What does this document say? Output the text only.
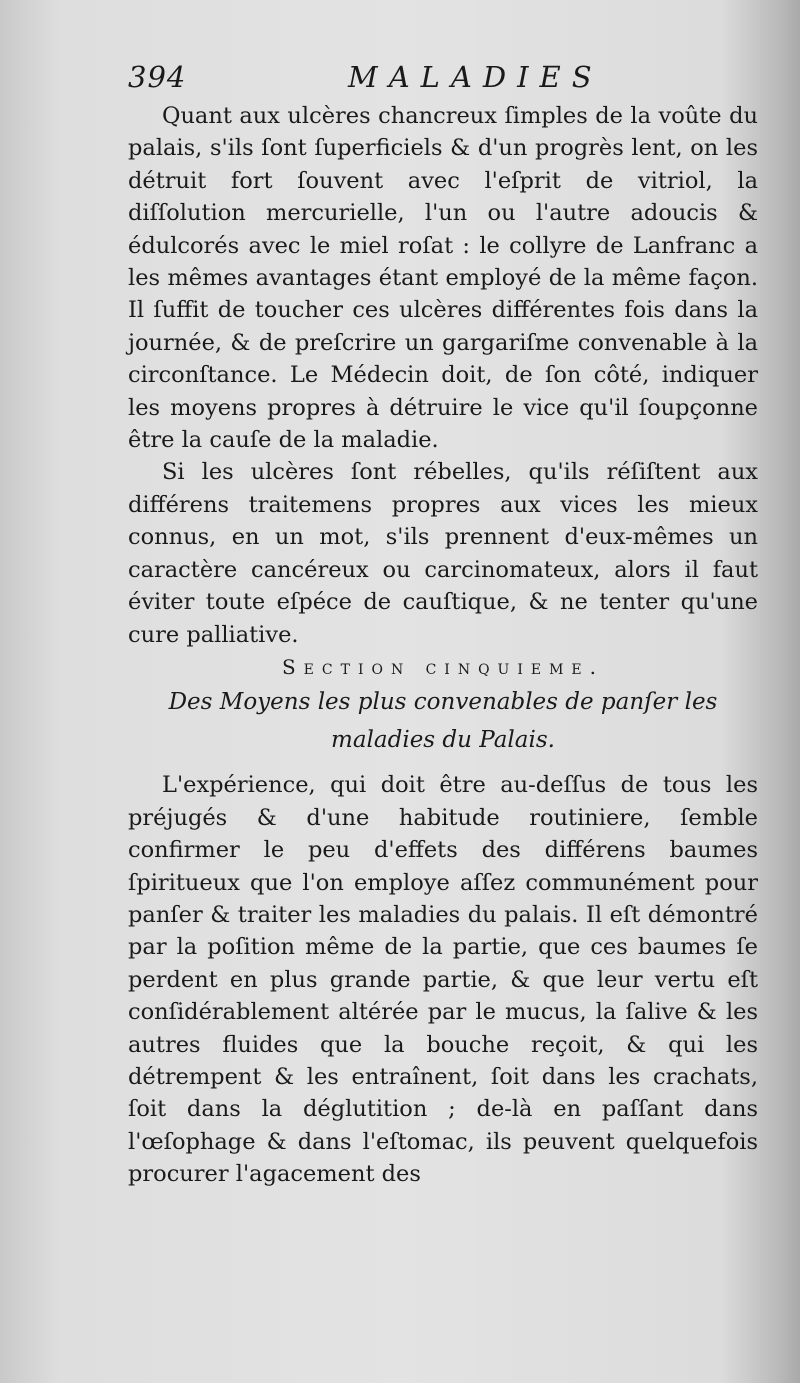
394	MALADIES

Quant aux ulcères chancreux ſimples de la voûte du palais, s'ils ſont ſuperficiels & d'un progrès lent, on les détruit fort ſouvent avec l'eſprit de vitriol, la diſſolution mercurielle, l'un ou l'autre adoucis & édulcorés avec le miel roſat : le collyre de Lanfranc a les mêmes avantages étant employé de la même façon. Il ſuffit de toucher ces ulcères différentes fois dans la journée, & de preſcrire un gargariſme convenable à la circonſtance. Le Médecin doit, de ſon côté, indiquer les moyens propres à détruire le vice qu'il ſoupçonne être la cauſe de la maladie.

Si les ulcères ſont rébelles, qu'ils réſiſtent aux différens traitemens propres aux vices les mieux connus, en un mot, s'ils prennent d'eux-mêmes un caractère cancéreux ou carcinomateux, alors il faut éviter toute eſpéce de cauſtique, & ne tenter qu'une cure palliative.

Section cinquieme.

Des Moyens les plus convenables de panſer les maladies du Palais.

L'expérience, qui doit être au-deſſus de tous les préjugés & d'une habitude routiniere, ſemble confirmer le peu d'effets des différens baumes ſpiritueux que l'on employe aſſez communément pour panſer & traiter les maladies du palais. Il eſt démontré par la poſition même de la partie, que ces baumes ſe perdent en plus grande partie, & que leur vertu eſt conſidérablement altérée par le mucus, la ſalive & les autres fluides que la bouche reçoit, & qui les détrempent & les entraînent, ſoit dans les crachats, ſoit dans la déglutition ; de-là en paſſant dans l'œſophage & dans l'eſtomac, ils peuvent quelquefois procurer l'agacement des
